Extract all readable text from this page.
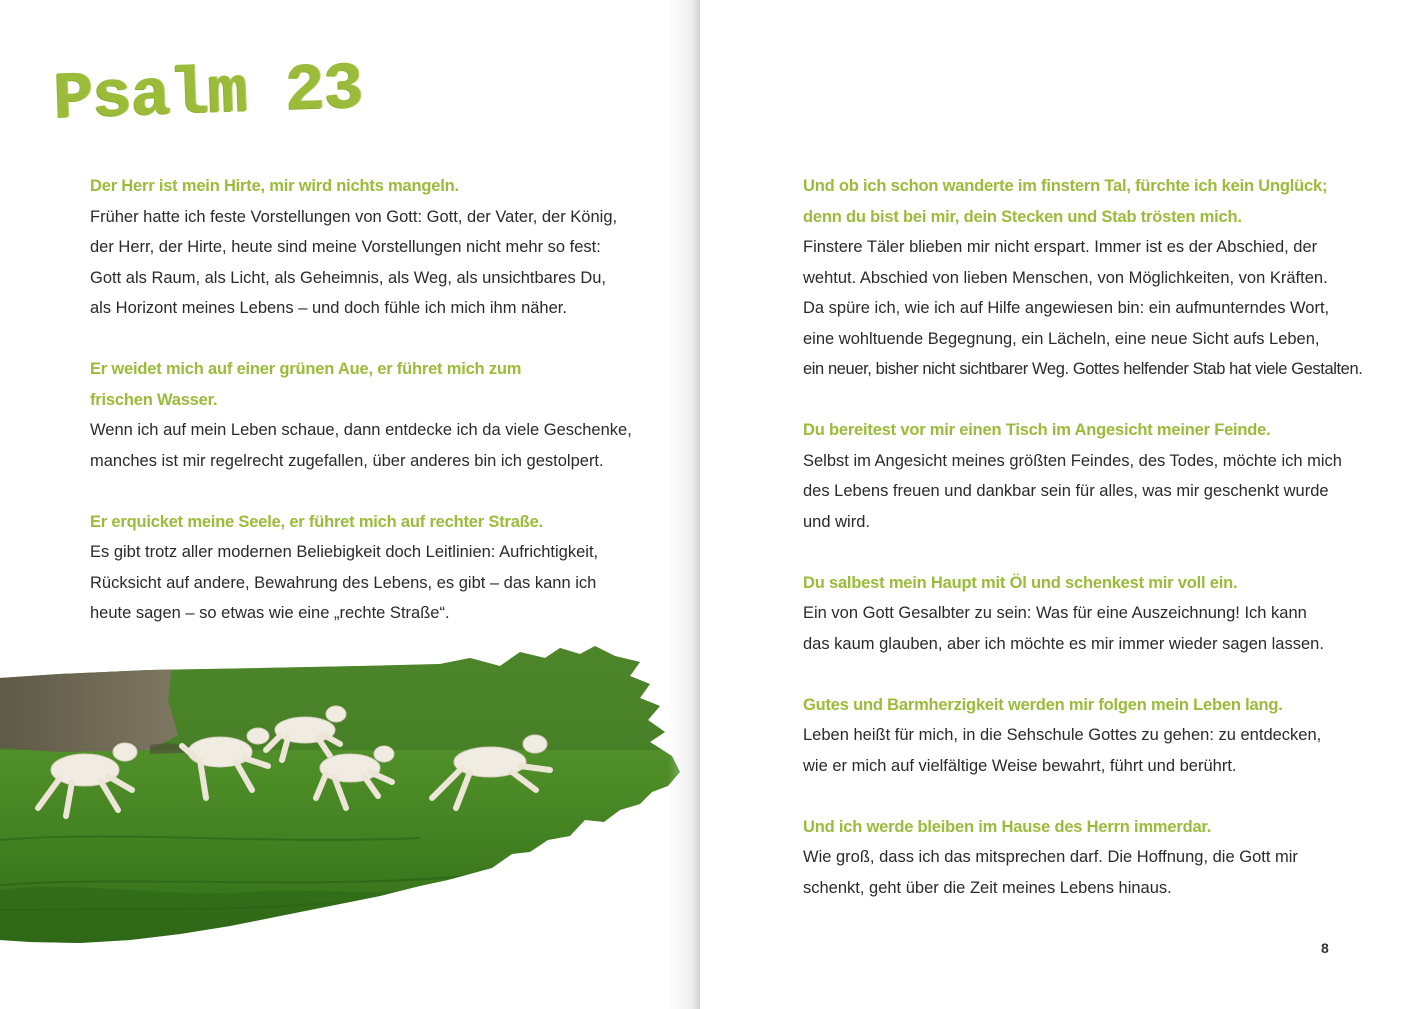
Psalm 23
Der Herr ist mein Hirte, mir wird nichts mangeln.
Früher hatte ich feste Vorstellungen von Gott: Gott, der Vater, der König,
der Herr, der Hirte, heute sind meine Vorstellungen nicht mehr so fest:
Gott als Raum, als Licht, als Geheimnis, als Weg, als unsichtbares Du,
als Horizont meines Lebens – und doch fühle ich mich ihm näher.
Er weidet mich auf einer grünen Aue, er führet mich zum
frischen Wasser.
Wenn ich auf mein Leben schaue, dann entdecke ich da viele Geschenke,
manches ist mir regelrecht zugefallen, über anderes bin ich gestolpert.
Er erquicket meine Seele, er führet mich auf rechter Straße.
Es gibt trotz aller modernen Beliebigkeit doch Leitlinien: Aufrichtigkeit,
Rücksicht auf andere, Bewahrung des Lebens, es gibt – das kann ich
heute sagen – so etwas wie eine „rechte Straße“.
Und ob ich schon wanderte im finstern Tal, fürchte ich kein Unglück;
denn du bist bei mir, dein Stecken und Stab trösten mich.
Finstere Täler blieben mir nicht erspart. Immer ist es der Abschied, der
wehtut. Abschied von lieben Menschen, von Möglichkeiten, von Kräften.
Da spüre ich, wie ich auf Hilfe angewiesen bin: ein aufmunterndes Wort,
eine wohltuende Begegnung, ein Lächeln, eine neue Sicht aufs Leben,
ein neuer, bisher nicht sichtbarer Weg. Gottes helfender Stab hat viele Gestalten.
Du bereitest vor mir einen Tisch im Angesicht meiner Feinde.
Selbst im Angesicht meines größten Feindes, des Todes, möchte ich mich
des Lebens freuen und dankbar sein für alles, was mir geschenkt wurde
und wird.
Du salbest mein Haupt mit Öl und schenkest mir voll ein.
Ein von Gott Gesalbter zu sein: Was für eine Auszeichnung! Ich kann
das kaum glauben, aber ich möchte es mir immer wieder sagen lassen.
Gutes und Barmherzigkeit werden mir folgen mein Leben lang.
Leben heißt für mich, in die Sehschule Gottes zu gehen: zu entdecken,
wie er mich auf vielfältige Weise bewahrt, führt und berührt.
Und ich werde bleiben im Hause des Herrn immerdar.
Wie groß, dass ich das mitsprechen darf. Die Hoffnung, die Gott mir
schenkt, geht über die Zeit meines Lebens hinaus.
8
